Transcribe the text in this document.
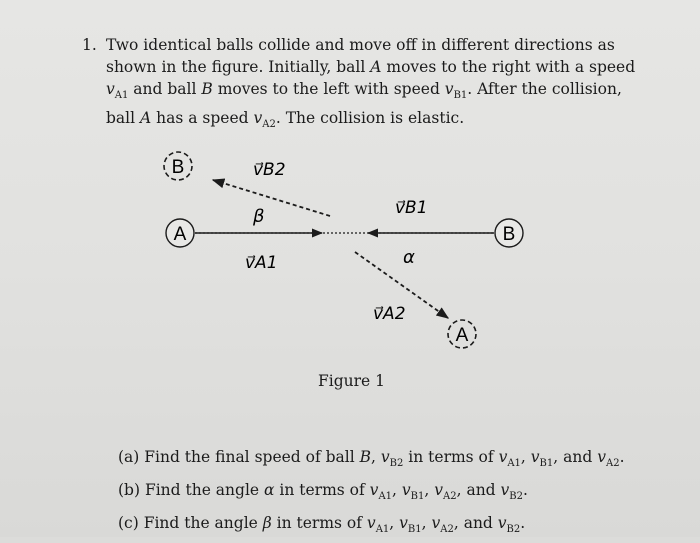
1. Two identical balls collide and move off in different directions as shown in the figure. Initially, ball A moves to the right with a speed $v_{A1}$ and ball B moves to the left with speed $v_{B1}$. After the collision, ball A has a speed $v_{A2}$. The collision is elastic.
B
A	B
A
v⃗B2
β
v⃗A1
v⃗B1
α
v⃗A2
Figure 1
(a) Find the final speed of ball B, $v_{B2}$ in terms of $v_{A1}$, $v_{B1}$, and $v_{A2}$.
(b) Find the angle α in terms of $v_{A1}$, $v_{B1}$, $v_{A2}$, and $v_{B2}$.
(c) Find the angle β in terms of $v_{A1}$, $v_{B1}$, $v_{A2}$, and $v_{B2}$.
